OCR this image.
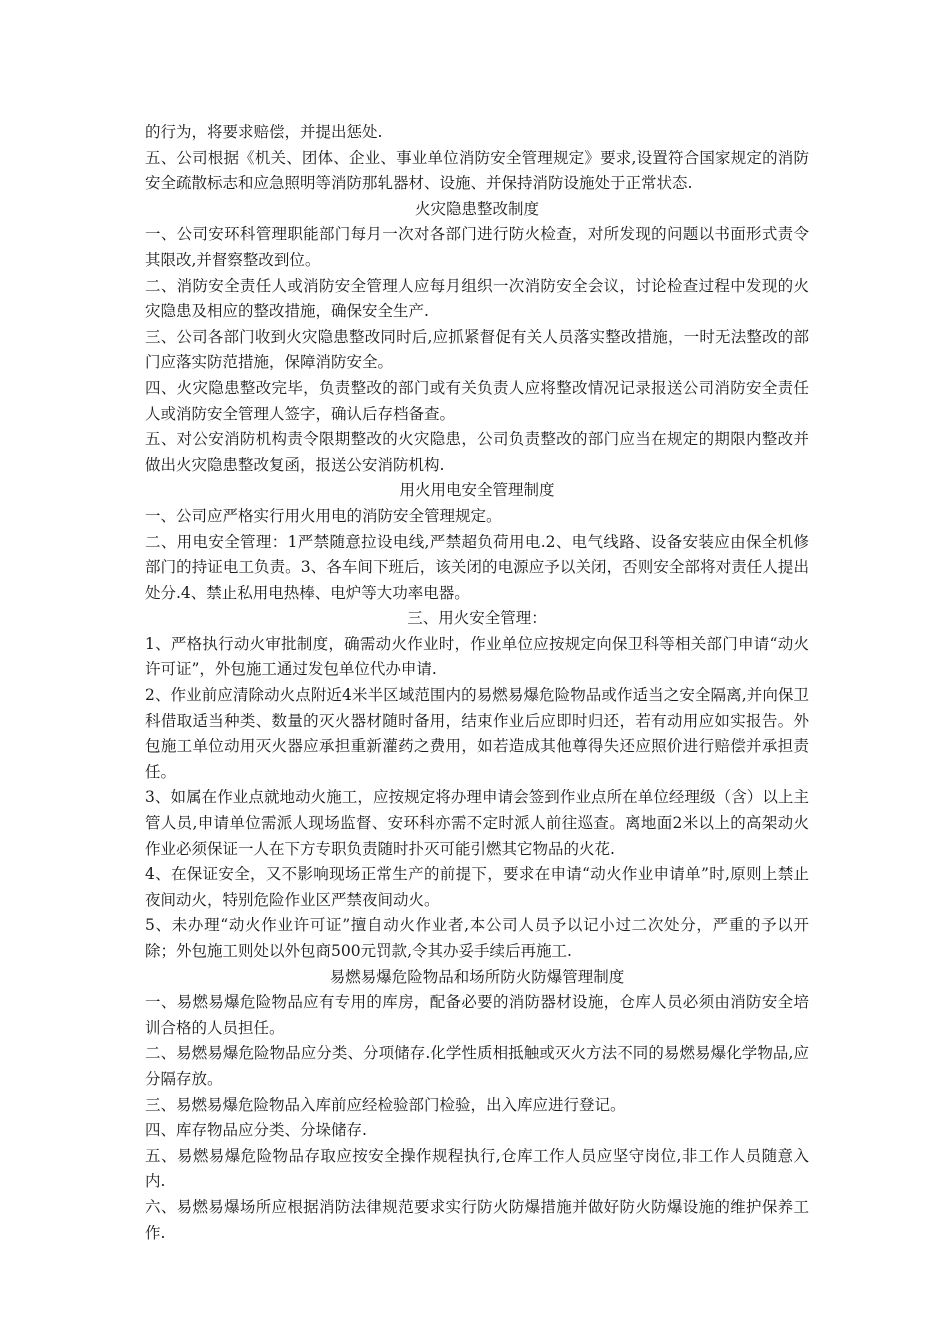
的行为，将要求赔偿，并提出惩处.

五、公司根据《机关、团体、企业、事业单位消防安全管理规定》要求,设置符合国家规定的消防安全疏散标志和应急照明等消防那轧器材、设施、并保持消防设施处于正常状态.

火灾隐患整改制度

一、公司安环科管理职能部门每月一次对各部门进行防火检查，对所发现的问题以书面形式责令其限改,并督察整改到位。

二、消防安全责任人或消防安全管理人应每月组织一次消防安全会议，讨论检查过程中发现的火灾隐患及相应的整改措施，确保安全生产.

三、公司各部门收到火灾隐患整改同时后,应抓紧督促有关人员落实整改措施，一时无法整改的部门应落实防范措施，保障消防安全。

四、火灾隐患整改完毕，负责整改的部门或有关负责人应将整改情况记录报送公司消防安全责任人或消防安全管理人签字，确认后存档备查。

五、对公安消防机构责令限期整改的火灾隐患，公司负责整改的部门应当在规定的期限内整改并做出火灾隐患整改复函，报送公安消防机构.

用火用电安全管理制度

一、公司应严格实行用火用电的消防安全管理规定。

二、用电安全管理：1严禁随意拉设电线,严禁超负荷用电.2、电气线路、设备安装应由保全机修部门的持证电工负责。3、各车间下班后，该关闭的电源应予以关闭，否则安全部将对责任人提出处分.4、禁止私用电热棒、电炉等大功率电器。

三、用火安全管理：

1、严格执行动火审批制度，确需动火作业时，作业单位应按规定向保卫科等相关部门申请“动火许可证”，外包施工通过发包单位代办申请.

2、作业前应清除动火点附近4米半区域范围内的易燃易爆危险物品或作适当之安全隔离,并向保卫科借取适当种类、数量的灭火器材随时备用，结束作业后应即时归还，若有动用应如实报告。外包施工单位动用灭火器应承担重新灌药之费用，如若造成其他尊得失还应照价进行赔偿并承担责任。

3、如属在作业点就地动火施工，应按规定将办理申请会签到作业点所在单位经理级（含）以上主管人员,申请单位需派人现场监督、安环科亦需不定时派人前往巡查。离地面2米以上的高架动火作业必须保证一人在下方专职负责随时扑灭可能引燃其它物品的火花.

4、在保证安全，又不影响现场正常生产的前提下，要求在申请“动火作业申请单”时,原则上禁止夜间动火，特别危险作业区严禁夜间动火。

5、未办理“动火作业许可证”擅自动火作业者,本公司人员予以记小过二次处分，严重的予以开除；外包施工则处以外包商500元罚款,令其办妥手续后再施工.

易燃易爆危险物品和场所防火防爆管理制度

一、易燃易爆危险物品应有专用的库房，配备必要的消防器材设施，仓库人员必须由消防安全培训合格的人员担任。

二、易燃易爆危险物品应分类、分项储存.化学性质相抵触或灭火方法不同的易燃易爆化学物品,应分隔存放。

三、易燃易爆危险物品入库前应经检验部门检验，出入库应进行登记。

四、库存物品应分类、分垛储存.

五、易燃易爆危险物品存取应按安全操作规程执行,仓库工作人员应坚守岗位,非工作人员随意入内.

六、易燃易爆场所应根据消防法律规范要求实行防火防爆措施并做好防火防爆设施的维护保养工作.
